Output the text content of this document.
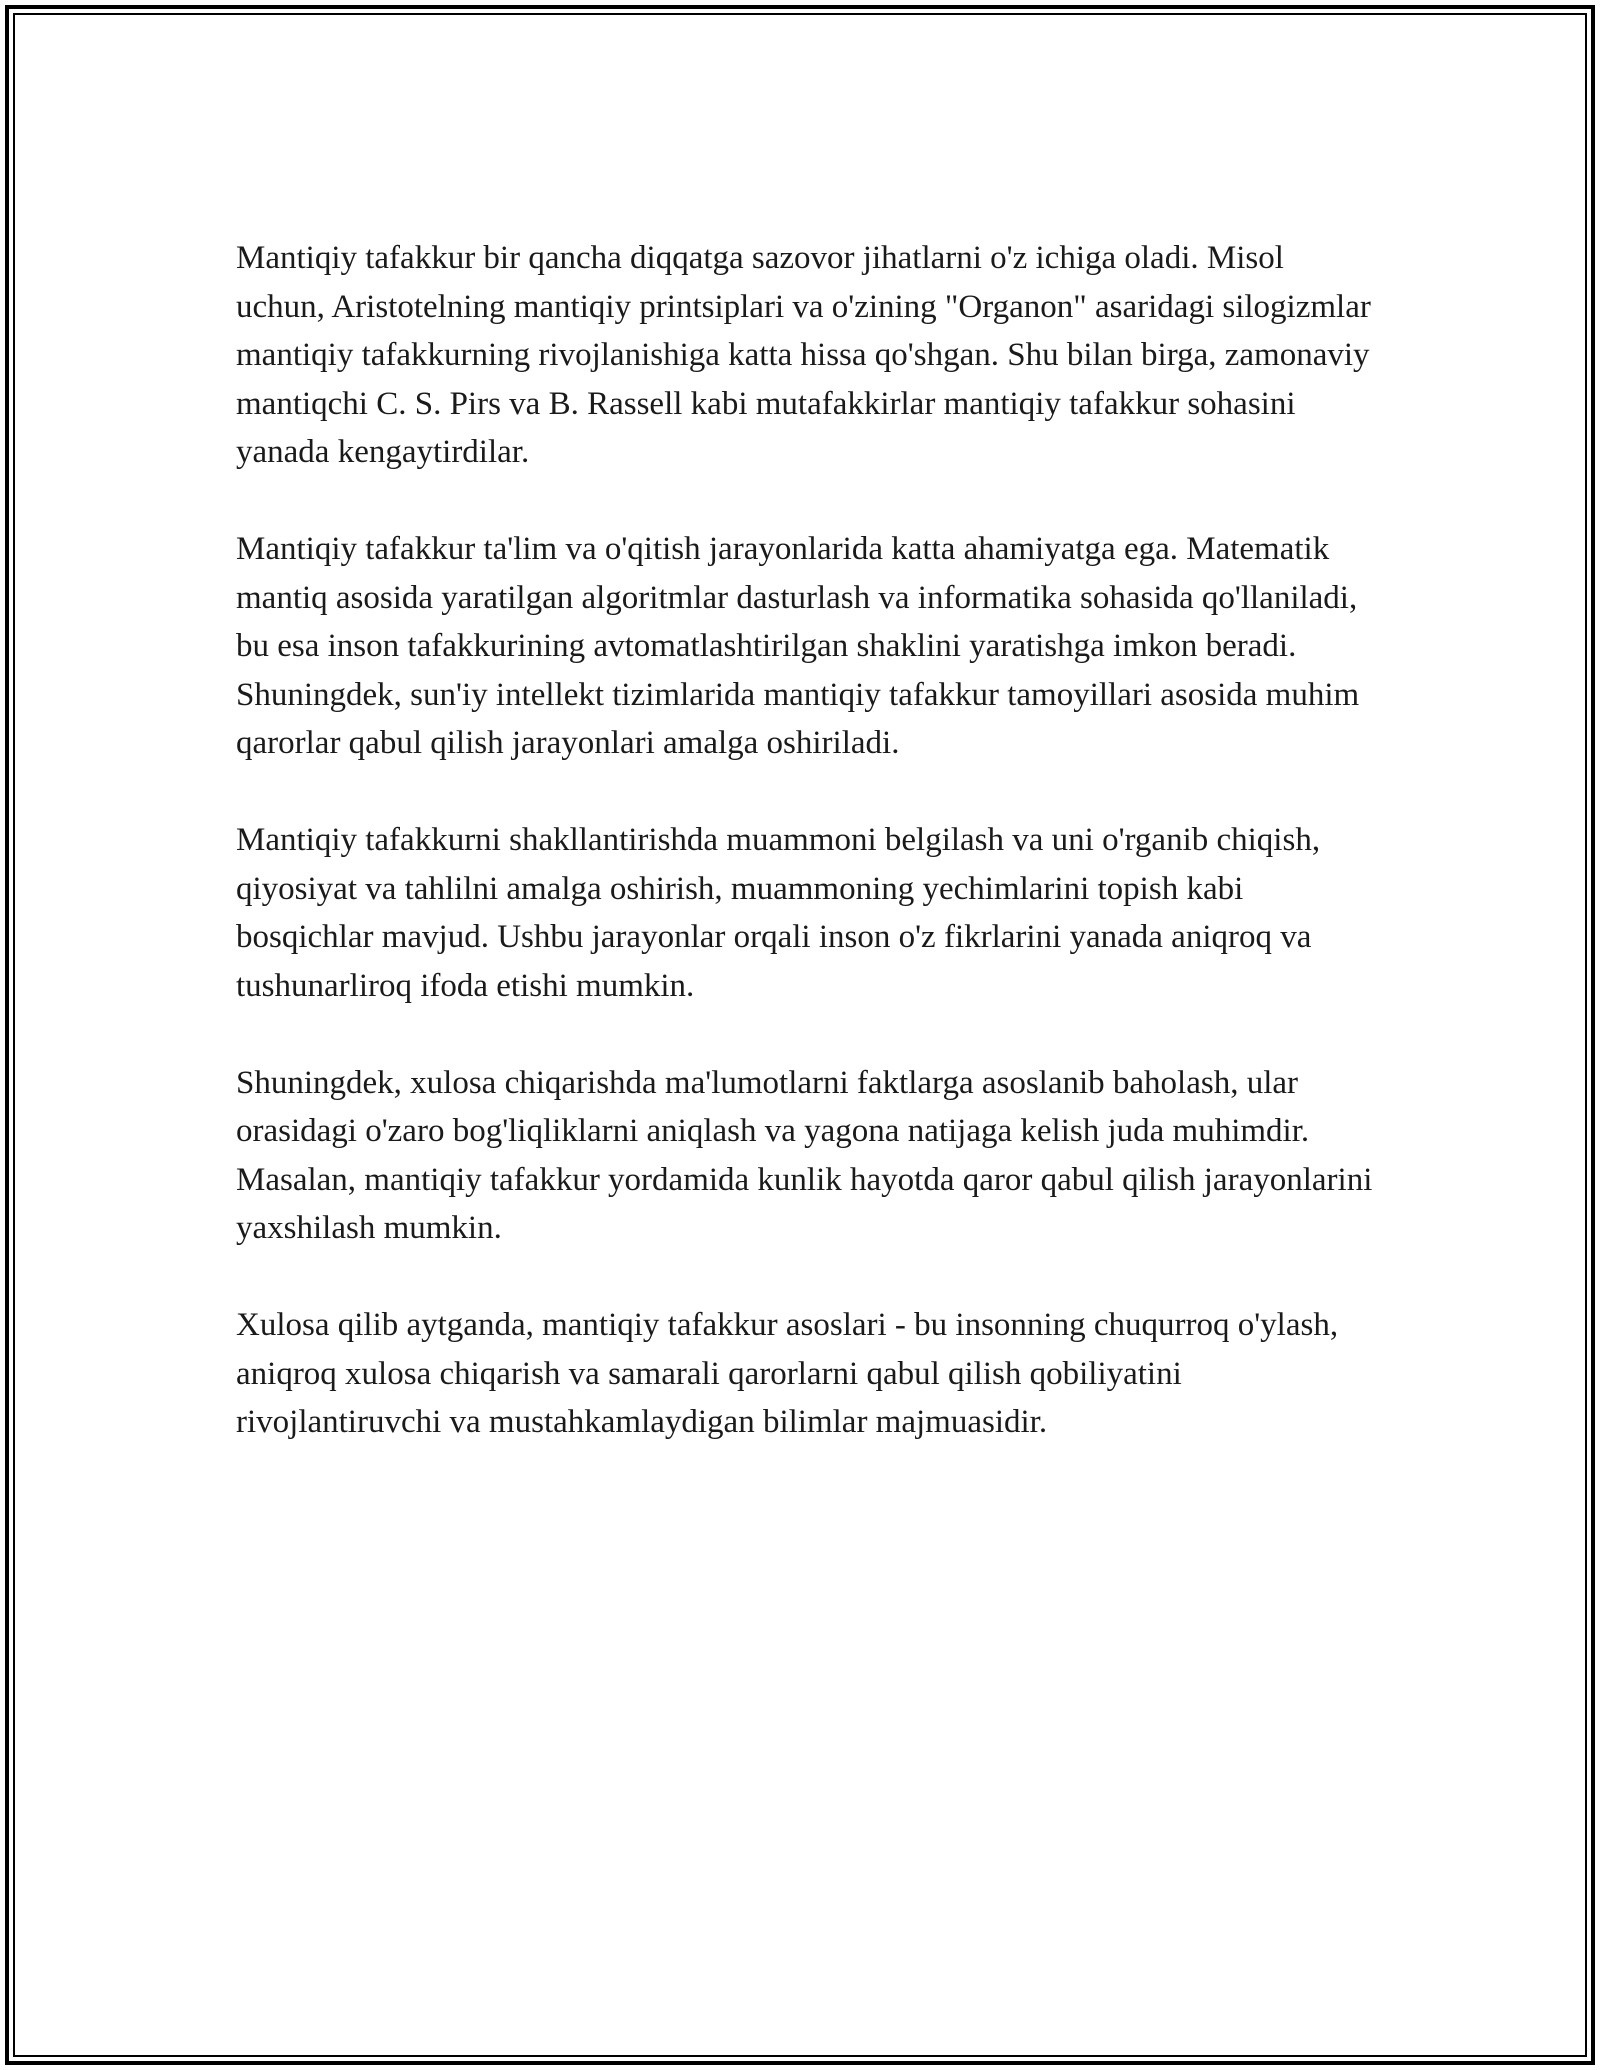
Mantiqiy tafakkur bir qancha diqqatga sazovor jihatlarni o'z ichiga oladi. Misol uchun, Aristotelning mantiqiy printsiplari va o'zining "Organon" asaridagi silogizmlar mantiqiy tafakkurning rivojlanishiga katta hissa qo'shgan. Shu bilan birga, zamonaviy mantiqchi C. S. Pirs va B. Rassell kabi mutafakkirlar mantiqiy tafakkur sohasini yanada kengaytirdilar.

Mantiqiy tafakkur ta'lim va o'qitish jarayonlarida katta ahamiyatga ega. Matematik mantiq asosida yaratilgan algoritmlar dasturlash va informatika sohasida qo'llaniladi, bu esa inson tafakkurining avtomatlashtirilgan shaklini yaratishga imkon beradi. Shuningdek, sun'iy intellekt tizimlarida mantiqiy tafakkur tamoyillari asosida muhim qarorlar qabul qilish jarayonlari amalga oshiriladi.

Mantiqiy tafakkurni shakllantirishda muammoni belgilash va uni o'rganib chiqish, qiyosiyat va tahlilni amalga oshirish, muammoning yechimlarini topish kabi bosqichlar mavjud. Ushbu jarayonlar orqali inson o'z fikrlarini yanada aniqroq va tushunarliroq ifoda etishi mumkin.

Shuningdek, xulosa chiqarishda ma'lumotlarni faktlarga asoslanib baholash, ular orasidagi o'zaro bog'liqliklarni aniqlash va yagona natijaga kelish juda muhimdir. Masalan, mantiqiy tafakkur yordamida kunlik hayotda qaror qabul qilish jarayonlarini yaxshilash mumkin.

Xulosa qilib aytganda, mantiqiy tafakkur asoslari - bu insonning chuqurroq o'ylash, aniqroq xulosa chiqarish va samarali qarorlarni qabul qilish qobiliyatini rivojlantiruvchi va mustahkamlaydigan bilimlar majmuasidir.
